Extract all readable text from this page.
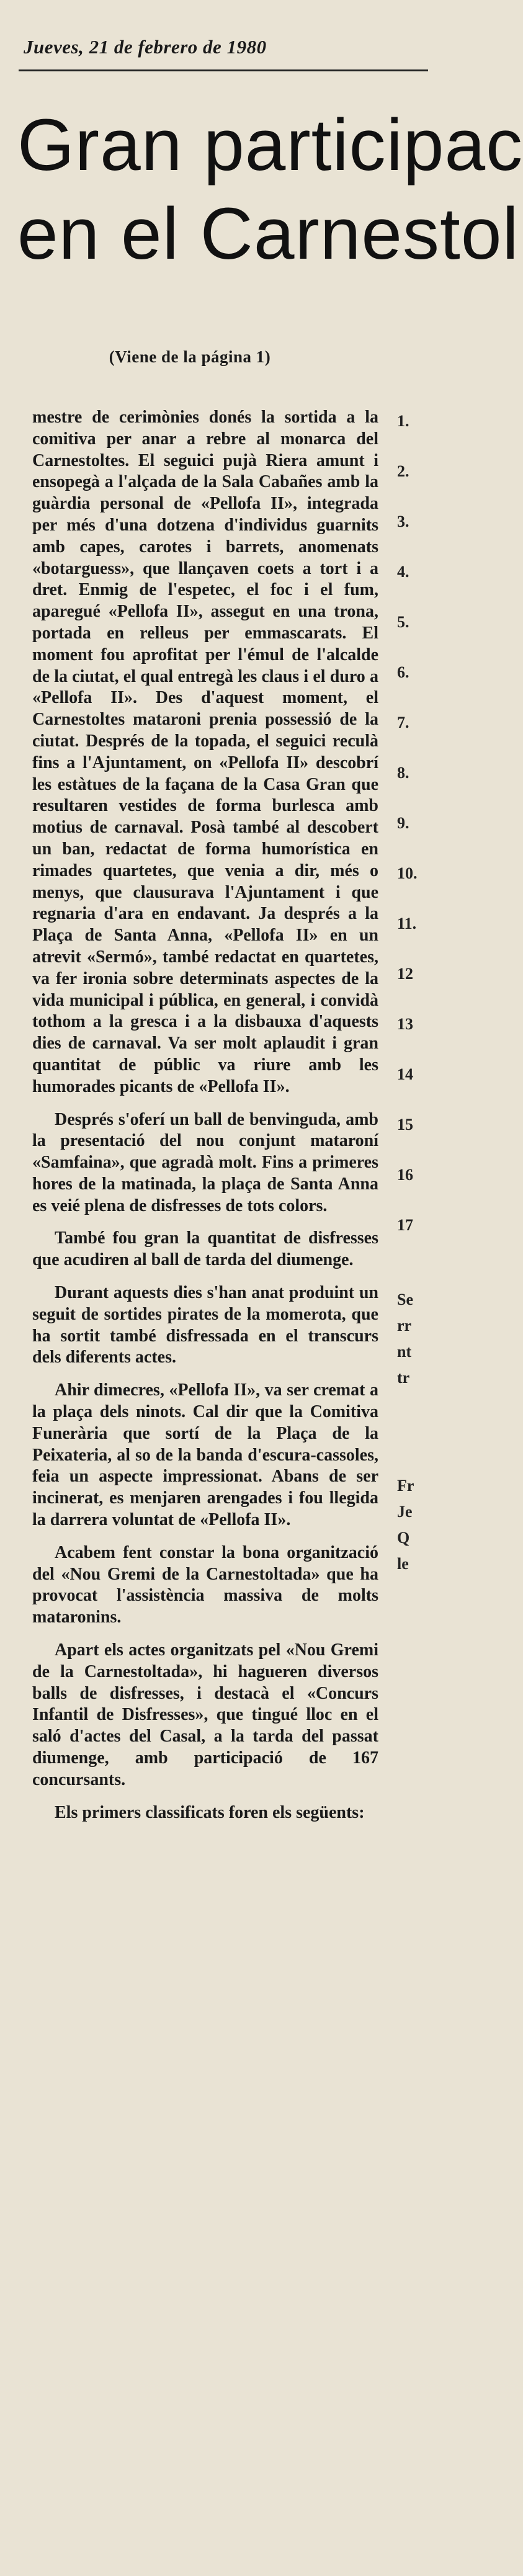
Jueves, 21 de febrero de 1980
Gran participac
en el Carnestol
(Viene de la página 1)

mestre de cerimònies donés la sortida a la comitiva per anar a rebre al monarca del Carnestoltes. El seguici pujà Riera amunt i ensopegà a l'alçada de la Sala Cabañes amb la guàrdia personal de «Pellofa II», integrada per més d'una dotzena d'individus guarnits amb capes, carotes i barrets, anomenats «botarguess», que llançaven coets a tort i a dret. Enmig de l'espetec, el foc i el fum, aparegué «Pellofa II», assegut en una trona, portada en relleus per emmascarats. El moment fou aprofitat per l'émul de l'alcalde de la ciutat, el qual entregà les claus i el duro a «Pellofa II». Des d'aquest moment, el Carnestoltes mataroni prenia possessió de la ciutat. Després de la topada, el seguici reculà fins a l'Ajuntament, on «Pellofa II» descobrí les estàtues de la façana de la Casa Gran que resultaren vestides de forma burlesca amb motius de carnaval. Posà també al descobert un ban, redactat de forma humorística en rimades quartetes, que venia a dir, més o menys, que clausurava l'Ajuntament i que regnaria d'ara en endavant. Ja després a la Plaça de Santa Anna, «Pellofa II» en un atrevit «Sermó», també redactat en quartetes, va fer ironia sobre determinats aspectes de la vida municipal i pública, en general, i convidà tothom a la gresca i a la disbauxa d'aquests dies de carnaval. Va ser molt aplaudit i gran quantitat de públic va riure amb les humorades picants de «Pellofa II».

Després s'oferí un ball de benvinguda, amb la presentació del nou conjunt mataroní «Samfaina», que agradà molt. Fins a primeres hores de la matinada, la plaça de Santa Anna es veié plena de disfresses de tots colors.

També fou gran la quantitat de disfresses que acudiren al ball de tarda del diumenge.

Durant aquests dies s'han anat produint un seguit de sortides pirates de la momerota, que ha sortit també disfressada en el transcurs dels diferents actes.

Ahir dimecres, «Pellofa II», va ser cremat a la plaça dels ninots. Cal dir que la Comitiva Funerària que sortí de la Plaça de la Peixateria, al so de la banda d'escura-cassoles, feia un aspecte impressionat. Abans de ser incinerat, es menjaren arengades i fou llegida la darrera voluntat de «Pellofa II».

Acabem fent constar la bona organització del «Nou Gremi de la Carnestoltada» que ha provocat l'assistència massiva de molts mataronins.

Apart els actes organitzats pel «Nou Gremi de la Carnestoltada», hi hagueren diversos balls de disfresses, i destacà el «Concurs Infantil de Disfresses», que tingué lloc en el saló d'actes del Casal, a la tarda del passat diumenge, amb participació de 167 concursants.

Els primers classificats foren els següents:

1.
2.
3.
4.
5.
6.
7.
8.
9.
10.
11.
12
13
14
15
16
17
Se
rr
nt
tr
Fr
Je
Q
le
